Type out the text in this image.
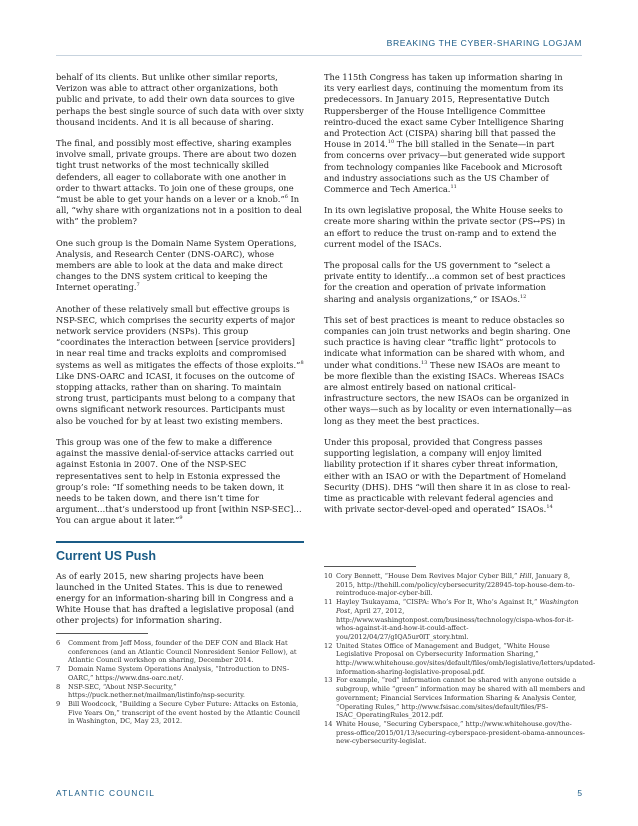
BREAKING THE CYBER-SHARING LOGJAM

behalf of its clients. But unlike other similar reports, Verizon was able to attract other organizations, both public and private, to add their own data sources to give perhaps the best single source of such data with over sixty thousand incidents. And it is all because of sharing.

The final, and possibly most effective, sharing examples involve small, private groups. There are about two dozen tight trust networks of the most technically skilled defenders, all eager to collaborate with one another in order to thwart attacks. To join one of these groups, one “must be able to get your hands on a lever or a knob.”$^6$ In all, “why share with organizations not in a position to deal with” the problem?

One such group is the Domain Name System Operations, Analysis, and Research Center (DNS-OARC), whose members are able to look at the data and make direct changes to the DNS system critical to keeping the Internet operating.$^7$

Another of these relatively small but effective groups is NSP-SEC, which comprises the security experts of major network service providers (NSPs). This group “coordinates the interaction between [service providers] in near real time and tracks exploits and compromised systems as well as mitigates the effects of those exploits.”$^8$ Like DNS-OARC and ICASI, it focuses on the outcome of stopping attacks, rather than on sharing. To maintain strong trust, participants must belong to a company that owns significant network resources. Participants must also be vouched for by at least two existing members.

This group was one of the few to make a difference against the massive denial-of-service attacks carried out against Estonia in 2007. One of the NSP-SEC representatives sent to help in Estonia expressed the group’s role: “If something needs to be taken down, it needs to be taken down, and there isn’t time for argument…that’s understood up front [within NSP-SEC]…You can argue about it later.”$^9$

Current US Push

As of early 2015, new sharing projects have been launched in the United States. This is due to renewed energy for an information-sharing bill in Congress and a White House that has drafted a legislative proposal (and other projects) for information sharing.

The 115th Congress has taken up information sharing in its very earliest days, continuing the momentum from its predecessors. In January 2015, Representative Dutch Ruppersberger of the House Intelligence Committee reintro-duced the exact same Cyber Intelligence Sharing and Protection Act (CISPA) sharing bill that passed the House in 2014.10 The bill stalled in the Senate—in part from concerns over privacy—but generated wide support from technology companies like Facebook and Microsoft and industry associations such as the US Chamber of Commerce and Tech America.$^{11}$

In its own legislative proposal, the White House seeks to create more sharing within the private sector (PS↔PS) in an effort to reduce the trust on-ramp and to extend the current model of the ISACs.

The proposal calls for the US government to “select a private entity to identify…a common set of best practices for the creation and operation of private information sharing and analysis organizations,” or ISAOs.$^{12}$

This set of best practices is meant to reduce obstacles so companies can join trust networks and begin sharing. One such practice is having clear “traffic light” protocols to indicate what information can be shared with whom, and under what conditions.$^{13}$ These new ISAOs are meant to be more flexible than the existing ISACs. Whereas ISACs are almost entirely based on national critical-infrastructure sectors, the new ISAOs can be organized in other ways—such as by locality or even internationally—as long as they meet the best practices.

Under this proposal, provided that Congress passes supporting legislation, a company will enjoy limited liability protection if it shares cyber threat information, either with an ISAO or with the Department of Homeland Security (DHS). DHS “will then share it in as close to real-time as practicable with relevant federal agencies and with private sector-devel-oped and operated” ISAOs.$^{14}$

6 Comment from Jeff Moss, founder of the DEF CON and Black Hat conferences (and an Atlantic Council Nonresident Senior Fellow), at Atlantic Council workshop on sharing, December 2014.
7 Domain Name System Operations Analysis, “Introduction to DNS-OARC,” https://www.dns-oarc.net/.
8 NSP-SEC, “About NSP-Security,” https://puck.nether.net/mailman/listinfo/nsp-security.
9 Bill Woodcock, “Building a Secure Cyber Future: Attacks on Estonia, Five Years On,” transcript of the event hosted by the Atlantic Council in Washington, DC, May 23, 2012.
10 Cory Bennett, “House Dem Revives Major Cyber Bill,” Hill, January 8, 2015, http://thehill.com/policy/cybersecurity/228945-top-house-dem-to-reintroduce-major-cyber-bill.
11 Hayley Tsukayama, “CISPA: Who’s For It, Who’s Against It,” Washington Post, April 27, 2012, http://www.washingtonpost.com/business/technology/cispa-whos-for-it-whos-against-it-and-how-it-could-affect-you/2012/04/27/gIQA5ur0lT_story.html.
12 United States Office of Management and Budget, “White House Legislative Proposal on Cybersecurity Information Sharing,” http://www.whitehouse.gov/sites/default/files/omb/legislative/letters/updated-information-sharing-legislative-proposal.pdf.
13 For example, “red” information cannot be shared with anyone outside a subgroup, while “green” information may be shared with all members and government; Financial Services Information Sharing & Analysis Center, “Operating Rules,” http://www.fsisac.com/sites/default/files/FS-ISAC_OperatingRules_2012.pdf.
14 White House, “Securing Cyberspace,” http://www.whitehouse.gov/the-press-office/2015/01/13/securing-cyberspace-president-obama-announces-new-cybersecurity-legislat.
ATLANTIC COUNCIL	5
